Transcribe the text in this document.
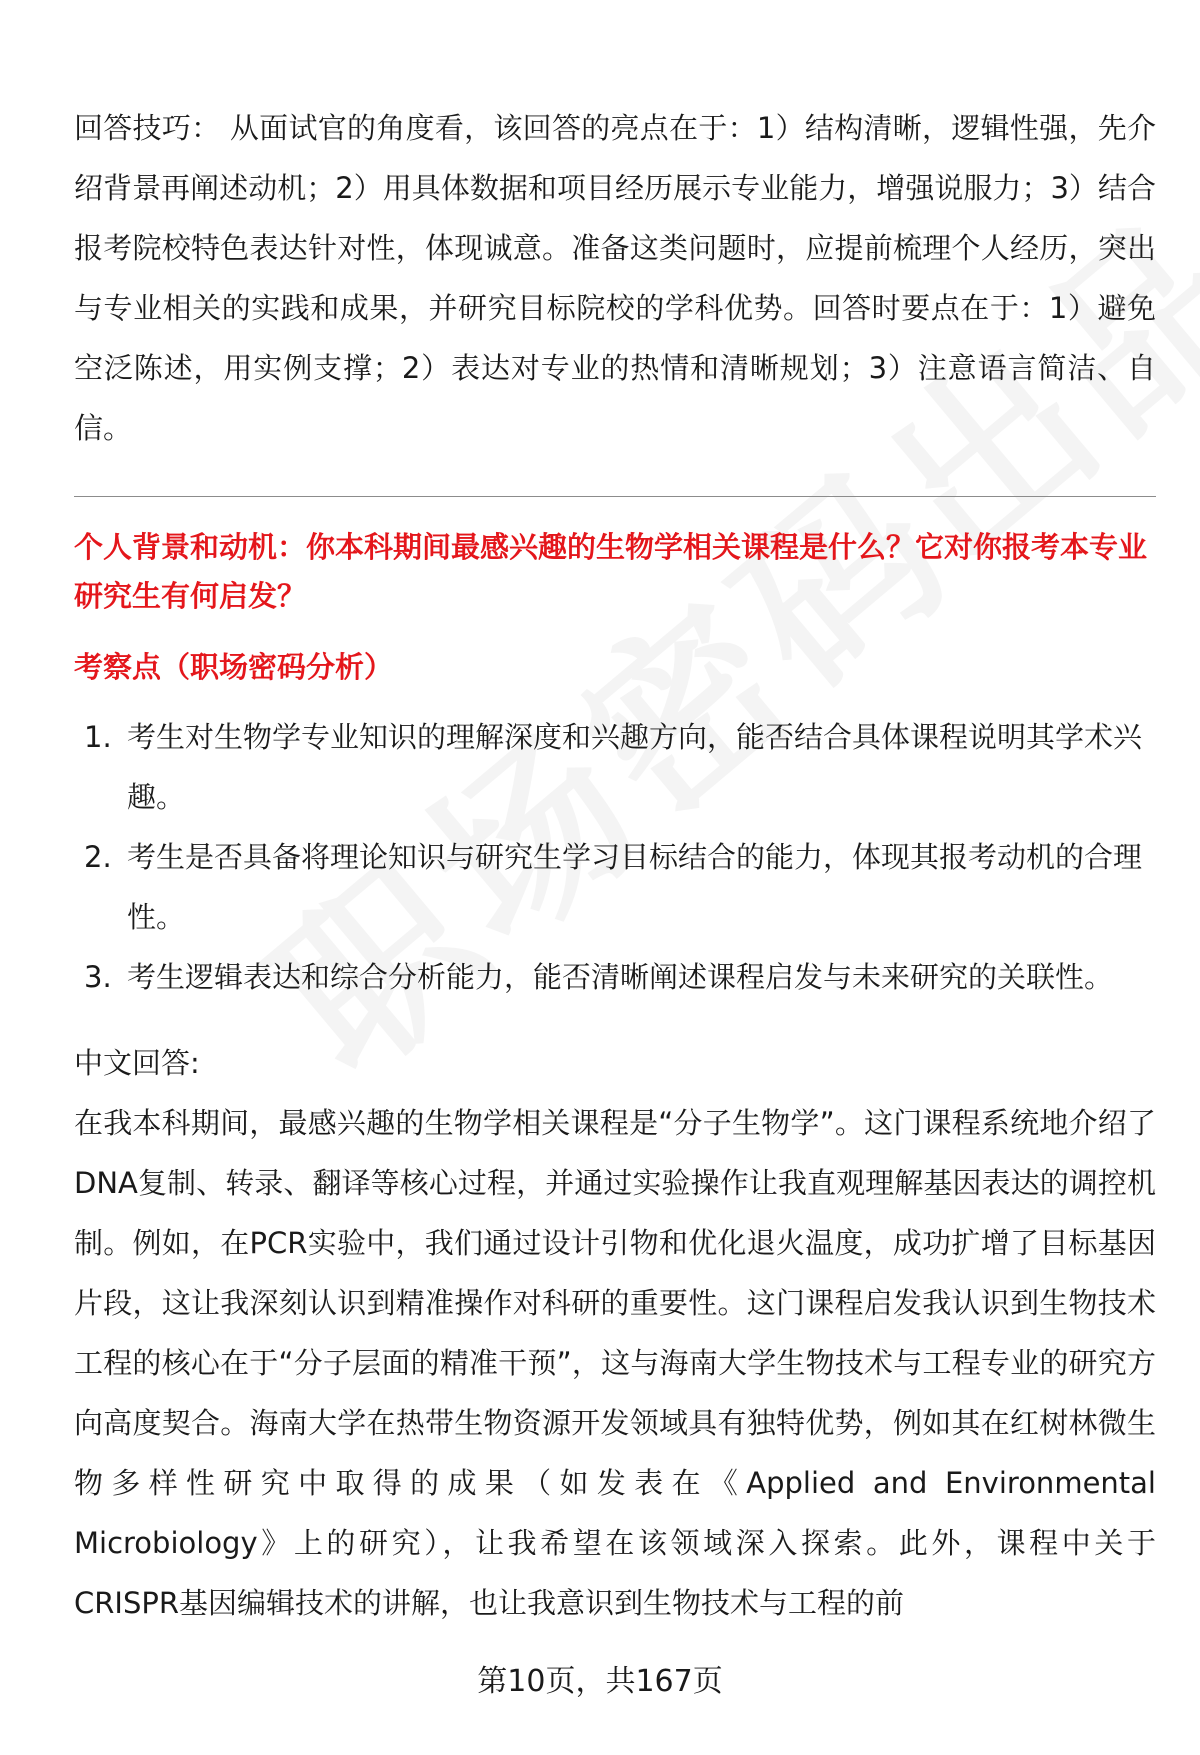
回答技巧： 从面试官的角度看，该回答的亮点在于：1）结构清晰，逻辑性强，先介绍背景再阐述动机；2）用具体数据和项目经历展示专业能力，增强说服力；3）结合报考院校特色表达针对性，体现诚意。准备这类问题时，应提前梳理个人经历，突出与专业相关的实践和成果，并研究目标院校的学科优势。回答时要点在于：1）避免空泛陈述，用实例支撑；2）表达对专业的热情和清晰规划；3）注意语言简洁、自信。

个人背景和动机：你本科期间最感兴趣的生物学相关课程是什么？它对你报考本专业研究生有何启发？

考察点（职场密码分析）

1. 考生对生物学专业知识的理解深度和兴趣方向，能否结合具体课程说明其学术兴趣。
2. 考生是否具备将理论知识与研究生学习目标结合的能力，体现其报考动机的合理性。
3. 考生逻辑表达和综合分析能力，能否清晰阐述课程启发与未来研究的关联性。

中文回答:

在我本科期间，最感兴趣的生物学相关课程是“分子生物学”。这门课程系统地介绍了DNA复制、转录、翻译等核心过程，并通过实验操作让我直观理解基因表达的调控机制。例如，在PCR实验中，我们通过设计引物和优化退火温度，成功扩增了目标基因片段，这让我深刻认识到精准操作对科研的重要性。这门课程启发我认识到生物技术工程的核心在于“分子层面的精准干预”，这与海南大学生物技术与工程专业的研究方向高度契合。海南大学在热带生物资源开发领域具有独特优势，例如其在红树林微生物多样性研究中取得的成果（如发表在《Applied and Environmental Microbiology》上的研究），让我希望在该领域深入探索。此外，课程中关于CRISPR基因编辑技术的讲解，也让我意识到生物技术与工程的前

第10页，共167页
